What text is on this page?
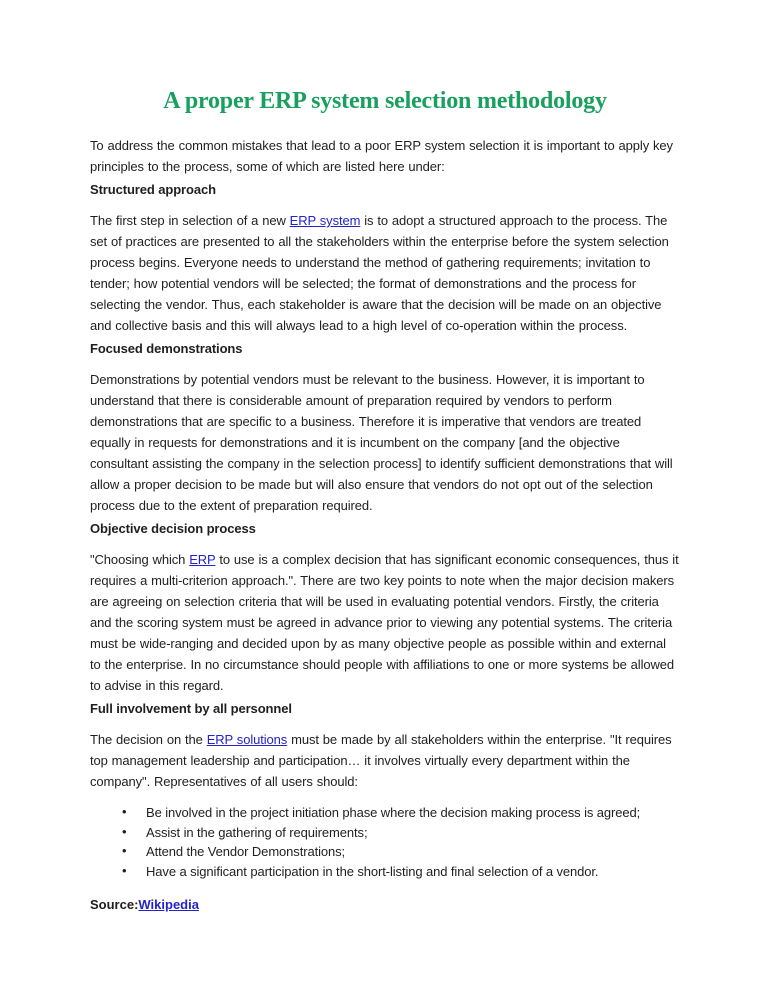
A proper ERP system selection methodology

To address the common mistakes that lead to a poor ERP system selection it is important to apply key principles to the process, some of which are listed here under:

Structured approach

The first step in selection of a new ERP system is to adopt a structured approach to the process. The set of practices are presented to all the stakeholders within the enterprise before the system selection process begins. Everyone needs to understand the method of gathering requirements; invitation to tender; how potential vendors will be selected; the format of demonstrations and the process for selecting the vendor. Thus, each stakeholder is aware that the decision will be made on an objective and collective basis and this will always lead to a high level of co-operation within the process.

Focused demonstrations

Demonstrations by potential vendors must be relevant to the business. However, it is important to understand that there is considerable amount of preparation required by vendors to perform demonstrations that are specific to a business. Therefore it is imperative that vendors are treated equally in requests for demonstrations and it is incumbent on the company [and the objective consultant assisting the company in the selection process] to identify sufficient demonstrations that will allow a proper decision to be made but will also ensure that vendors do not opt out of the selection process due to the extent of preparation required.

Objective decision process

"Choosing which ERP to use is a complex decision that has significant economic consequences, thus it requires a multi-criterion approach.". There are two key points to note when the major decision makers are agreeing on selection criteria that will be used in evaluating potential vendors. Firstly, the criteria and the scoring system must be agreed in advance prior to viewing any potential systems. The criteria must be wide-ranging and decided upon by as many objective people as possible within and external to the enterprise. In no circumstance should people with affiliations to one or more systems be allowed to advise in this regard.

Full involvement by all personnel

The decision on the ERP solutions must be made by all stakeholders within the enterprise. "It requires top management leadership and participation… it involves virtually every department within the company". Representatives of all users should:

• Be involved in the project initiation phase where the decision making process is agreed;
• Assist in the gathering of requirements;
• Attend the Vendor Demonstrations;
• Have a significant participation in the short-listing and final selection of a vendor.

Source:Wikipedia
